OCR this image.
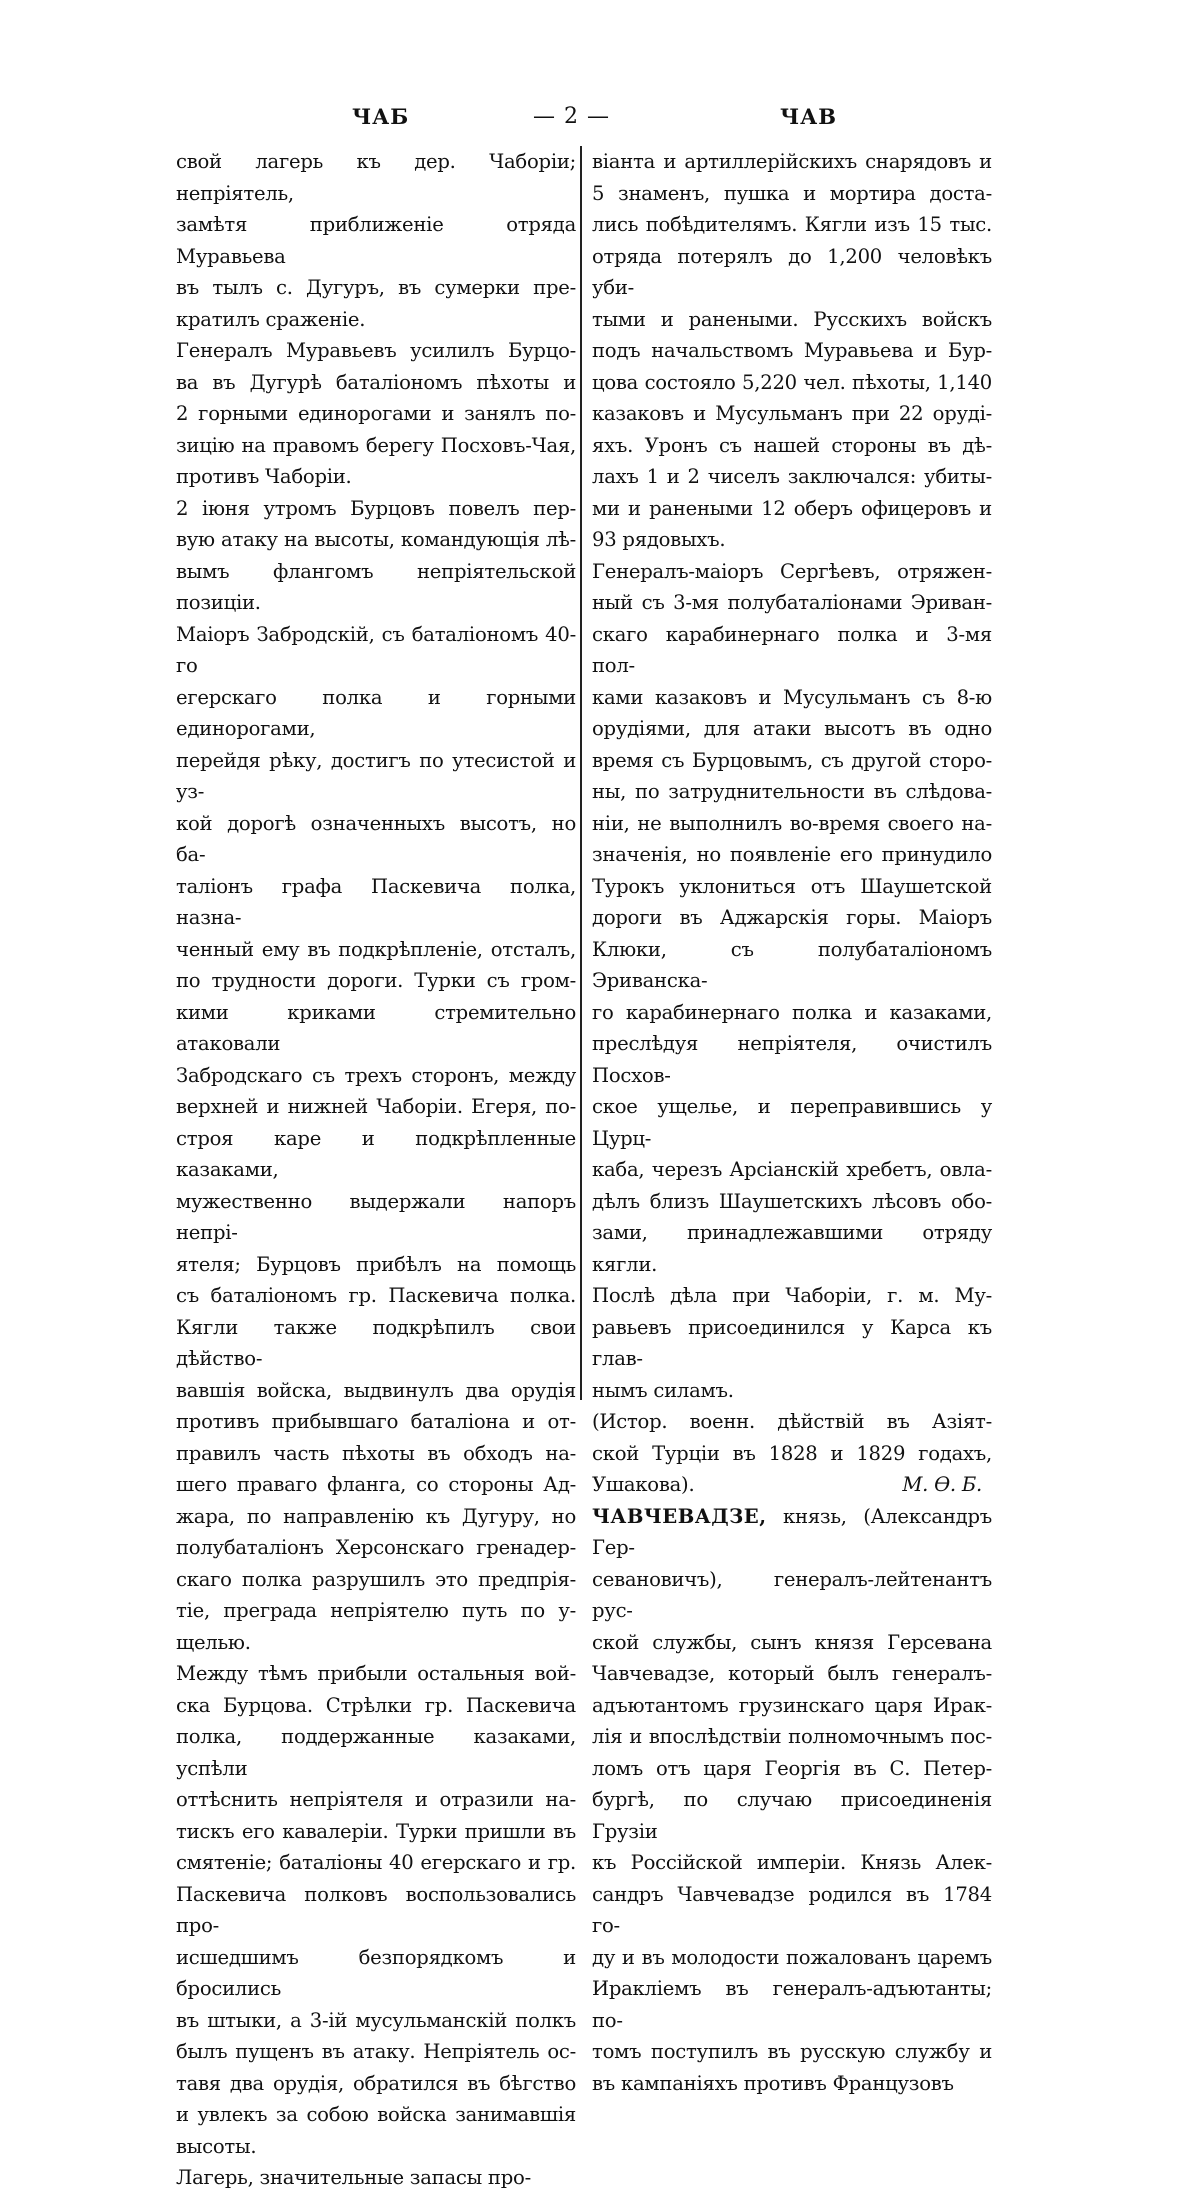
ЧАБ	— 2 —	ЧАВ

свой лагерь къ дер. Чаборіи; непріятель,
замѣтя приближеніе отряда Муравьева
въ тылъ с. Дугуръ, въ сумерки пре-
кратилъ сраженіе.

Генералъ Муравьевъ усилилъ Бурцо-
ва въ Дугурѣ баталіономъ пѣхоты и
2 горными единорогами и занялъ по-
зицію на правомъ берегу Посховъ-Чая,
противъ Чаборіи.

2 іюня утромъ Бурцовъ повелъ пер-
вую атаку на высоты, командующія лѣ-
вымъ флангомъ непріятельской позиціи.
Маіоръ Забродскій, съ баталіономъ 40-го
егерскаго полка и горными единорогами,
перейдя рѣку, достигъ по утесистой и уз-
кой дорогѣ означенныхъ высотъ, но ба-
таліонъ графа Паскевича полка, назна-
ченный ему въ подкрѣпленіе, отсталъ,
по трудности дороги. Турки съ гром-
кими криками стремительно атаковали
Забродскаго съ трехъ сторонъ, между
верхней и нижней Чаборіи. Егеря, по-
строя каре и подкрѣпленные казаками,
мужественно выдержали напоръ непрі-
ятеля; Бурцовъ прибѣлъ на помощь
съ баталіономъ гр. Паскевича полка.
Кягли также подкрѣпилъ свои дѣйство-
вавшія войска, выдвинулъ два орудія
противъ прибывшаго баталіона и от-
правилъ часть пѣхоты въ обходъ на-
шего праваго фланга, со стороны Ад-
жара, по направленію къ Дугуру, но
полубаталіонъ Херсонскаго гренадер-
скаго полка разрушилъ это предпрія-
тіе, преграда непріятелю путь по у-
щелью.

Между тѣмъ прибыли остальныя вой-
ска Бурцова. Стрѣлки гр. Паскевича
полка, поддержанные казаками, успѣли
оттѣснить непріятеля и отразили на-
тискъ его кавалеріи. Турки пришли въ
смятеніе; баталіоны 40 егерскаго и гр.
Паскевича полковъ воспользовались про-
исшедшимъ безпорядкомъ и бросились
въ штыки, а 3-ій мусульманскій полкъ
былъ пущенъ въ атаку. Непріятель ос-
тавя два орудія, обратился въ бѣгство
и увлекъ за собою войска занимавшія
высоты.

Лагерь, значительные запасы про-

віанта и артиллерійскихъ снарядовъ и
5 знаменъ, пушка и мортира доста-
лись побѣдителямъ. Кягли изъ 15 тыс.
отряда потерялъ до 1,200 человѣкъ уби-
тыми и ранеными. Русскихъ войскъ
подъ начальствомъ Муравьева и Бур-
цова состояло 5,220 чел. пѣхоты, 1,140
казаковъ и Мусульманъ при 22 оруді-
яхъ. Уронъ съ нашей стороны въ дѣ-
лахъ 1 и 2 чиселъ заключался: убиты-
ми и ранеными 12 оберъ офицеровъ и
93 рядовыхъ.

Генералъ-маіоръ Сергѣевъ, отряжен-
ный съ 3-мя полубаталіонами Эриван-
скаго карабинернаго полка и 3-мя пол-
ками казаковъ и Мусульманъ съ 8-ю
орудіями, для атаки высотъ въ одно
время съ Бурцовымъ, съ другой сторо-
ны, по затруднительности въ слѣдова-
ніи, не выполнилъ во-время своего на-
значенія, но появленіе его принудило
Турокъ уклониться отъ Шаушетской
дороги въ Аджарскія горы. Маіоръ
Клюки, съ полубаталіономъ Эриванска-
го карабинернаго полка и казаками,
преслѣдуя непріятеля, очистилъ Посхов-
ское ущелье, и переправившись у Цурц-
каба, черезъ Арсіанскій хребетъ, овла-
дѣлъ близъ Шаушетскихъ лѣсовъ обо-
зами, принадлежавшими отряду кягли.

Послѣ дѣла при Чаборіи, г. м. Му-
равьевъ присоединился у Карса къ глав-
нымъ силамъ.

(Истор. военн. дѣйствій въ Азіят-
ской Турціи въ 1828 и 1829 годахъ,
Ушакова).	М. Ѳ. Б.

ЧАВЧЕВАДЗЕ, князь, (Александръ Гер-
севановичъ), генералъ-лейтенантъ рус-
ской службы, сынъ князя Герсевана
Чавчевадзе, который былъ генералъ-
адъютантомъ грузинскаго царя Ирак-
лія и впослѣдствіи полномочнымъ пос-
ломъ отъ царя Георгія въ С. Петер-
бургѣ, по случаю присоединенія Грузіи
къ Россійской имперіи. Князь Алек-
сандръ Чавчевадзе родился въ 1784 го-
ду и въ молодости пожалованъ царемъ
Иракліемъ въ генералъ-адъютанты; по-
томъ поступилъ въ русскую службу и
въ кампаніяхъ противъ Французовъ
